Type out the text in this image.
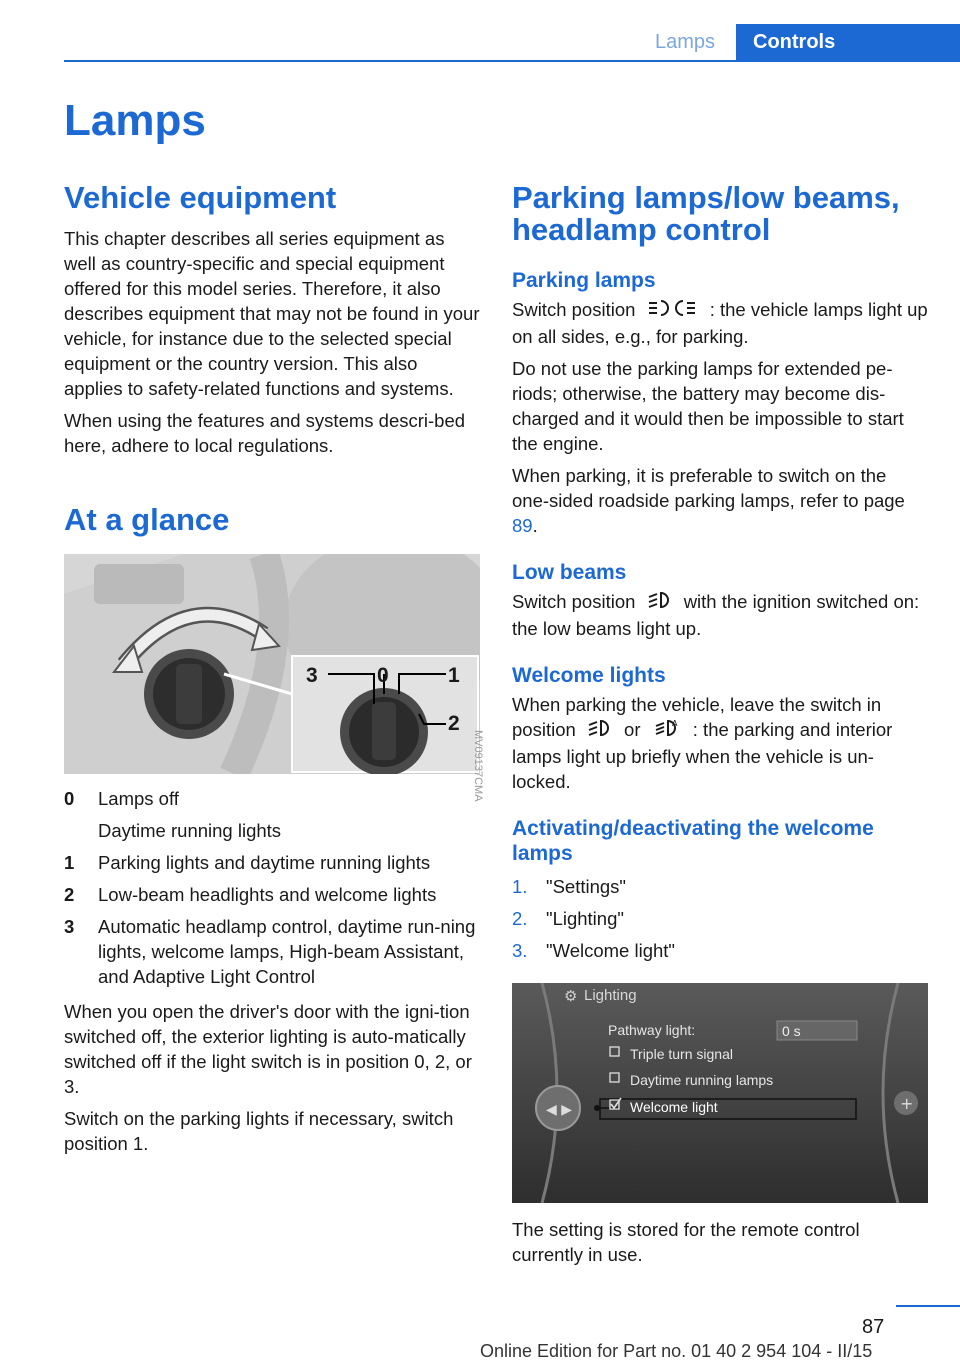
Lamps	Controls
Lamps
Vehicle equipment

This chapter describes all series equipment as well as country-specific and special equipment offered for this model series. Therefore, it also describes equipment that may not be found in your vehicle, for instance due to the selected special equipment or the country version. This also applies to safety-related functions and systems.

When using the features and systems descri-bed here, adhere to local regulations.

At a glance
3	0	1
2
0	Lamps off
Daytime running lights
1	Parking lights and daytime running lights
2	Low-beam headlights and welcome lights
3	Automatic headlamp control, daytime run-ning lights, welcome lamps, High-beam Assistant, and Adaptive Light Control

When you open the driver's door with the igni-tion switched off, the exterior lighting is auto-matically switched off if the light switch is in position 0, 2, or 3.

Switch on the parking lights if necessary, switch position 1.

MV09137CMA
Parking lamps/low beams, headlamp control
Parking lamps

Switch position	: the vehicle lamps light up on all sides, e.g., for parking.

Do not use the parking lamps for extended pe-riods; otherwise, the battery may become dis-charged and it would then be impossible to start the engine.

When parking, it is preferable to switch on the one-sided roadside parking lamps, refer to page 89.

Low beams

Switch position	with the ignition switched on: the low beams light up.

Welcome lights

When parking the vehicle, leave the switch in position	or	A : the parking and interior lamps light up briefly when the vehicle is un-locked.

Activating/deactivating the welcome lamps
1.	"Settings"
2.	"Lighting"
3.	"Welcome light"
◀ ▶	+
⚙ Lighting
Pathway light:	0 s
Triple turn signal
Daytime running lamps
Welcome light

The setting is stored for the remote control currently in use.

87
Online Edition for Part no. 01 40 2 954 104 - II/15
